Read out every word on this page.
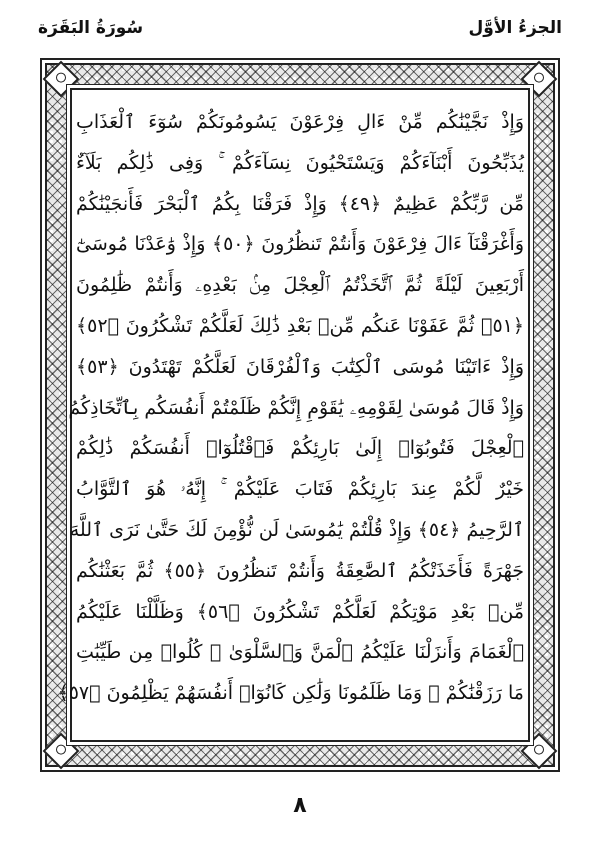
سُورَةُ البَقَرَة	الجزءُ الأوَّل
وَإِذْ نَجَّيْنَٰكُم مِّنْ ءَالِ فِرْعَوْنَ يَسُومُونَكُمْ سُوٓءَ ٱلْعَذَابِ
يُذَبِّحُونَ أَبْنَآءَكُمْ وَيَسْتَحْيُونَ نِسَآءَكُمْ ۚ وَفِى ذَٰلِكُم بَلَآءٌ
مِّن رَّبِّكُمْ عَظِيمٌ ﴿٤٩﴾ وَإِذْ فَرَقْنَا بِكُمُ ٱلْبَحْرَ فَأَنجَيْنَٰكُمْ
وَأَغْرَقْنَآ ءَالَ فِرْعَوْنَ وَأَنتُمْ تَنظُرُونَ ﴿٥٠﴾ وَإِذْ وَٰعَدْنَا مُوسَىٰٓ
أَرْبَعِينَ لَيْلَةً ثُمَّ ٱتَّخَذْتُمُ ٱلْعِجْلَ مِنۢ بَعْدِهِۦ وَأَنتُمْ ظَٰلِمُونَ
﴿٥١﴾ ثُمَّ عَفَوْنَا عَنكُم مِّنۢ بَعْدِ ذَٰلِكَ لَعَلَّكُمْ تَشْكُرُونَ ﴿٥٢﴾
وَإِذْ ءَاتَيْنَا مُوسَى ٱلْكِتَٰبَ وَٱلْفُرْقَانَ لَعَلَّكُمْ تَهْتَدُونَ ﴿٥٣﴾
وَإِذْ قَالَ مُوسَىٰ لِقَوْمِهِۦ يَٰقَوْمِ إِنَّكُمْ ظَلَمْتُمْ أَنفُسَكُم بِٱتِّخَاذِكُمُ
ٱلْعِجْلَ فَتُوبُوٓا۟ إِلَىٰ بَارِئِكُمْ فَٱقْتُلُوٓا۟ أَنفُسَكُمْ ذَٰلِكُمْ
خَيْرٌ لَّكُمْ عِندَ بَارِئِكُمْ فَتَابَ عَلَيْكُمْ ۚ إِنَّهُۥ هُوَ ٱلتَّوَّابُ
ٱلرَّحِيمُ ﴿٥٤﴾ وَإِذْ قُلْتُمْ يَٰمُوسَىٰ لَن نُّؤْمِنَ لَكَ حَتَّىٰ نَرَى ٱللَّهَ
جَهْرَةً فَأَخَذَتْكُمُ ٱلصَّٰعِقَةُ وَأَنتُمْ تَنظُرُونَ ﴿٥٥﴾ ثُمَّ بَعَثْنَٰكُم
مِّنۢ بَعْدِ مَوْتِكُمْ لَعَلَّكُمْ تَشْكُرُونَ ﴿٥٦﴾ وَظَلَّلْنَا عَلَيْكُمُ
ٱلْغَمَامَ وَأَنزَلْنَا عَلَيْكُمُ ٱلْمَنَّ وَٱلسَّلْوَىٰ ۖ كُلُوا۟ مِن طَيِّبَٰتِ
مَا رَزَقْنَٰكُمْ ۖ وَمَا ظَلَمُونَا وَلَٰكِن كَانُوٓا۟ أَنفُسَهُمْ يَظْلِمُونَ ﴿٥٧﴾
٨
